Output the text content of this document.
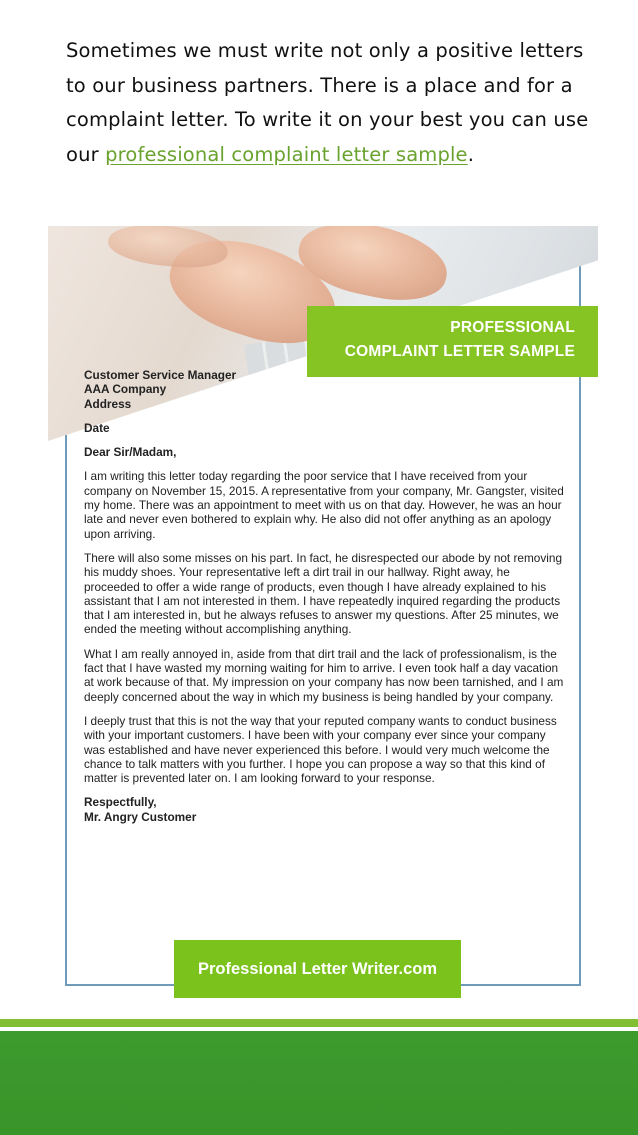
Sometimes we must write not only a positive letters to our business partners. There is a place and for a complaint letter. To write it on your best you can use our professional complaint letter sample.
PROFESSIONAL
COMPLAINT LETTER SAMPLE
Customer Service Manager
AAA Company
Address
Date
Dear Sir/Madam,

I am writing this letter today regarding the poor service that I have received from your company on November 15, 2015. A representative from your company, Mr. Gangster, visited my home. There was an appointment to meet with us on that day. However, he was an hour late and never even bothered to explain why. He also did not offer anything as an apology upon arriving.

There will also some misses on his part. In fact, he disrespected our abode by not removing his muddy shoes. Your representative left a dirt trail in our hallway. Right away, he proceeded to offer a wide range of products, even though I have already explained to his assistant that I am not interested in them. I have repeatedly inquired regarding the products that I am interested in, but he always refuses to answer my questions. After 25 minutes, we ended the meeting without accomplishing anything.

What I am really annoyed in, aside from that dirt trail and the lack of professionalism, is the fact that I have wasted my morning waiting for him to arrive. I even took half a day vacation at work because of that. My impression on your company has now been tarnished, and I am deeply concerned about the way in which my business is being handled by your company.

I deeply trust that this is not the way that your reputed company wants to conduct business with your important customers. I have been with your company ever since your company was established and have never experienced this before. I would very much welcome the chance to talk matters with you further. I hope you can propose a way so that this kind of matter is prevented later on. I am looking forward to your response.

Respectfully,
Mr. Angry Customer
Professional Letter Writer.com
